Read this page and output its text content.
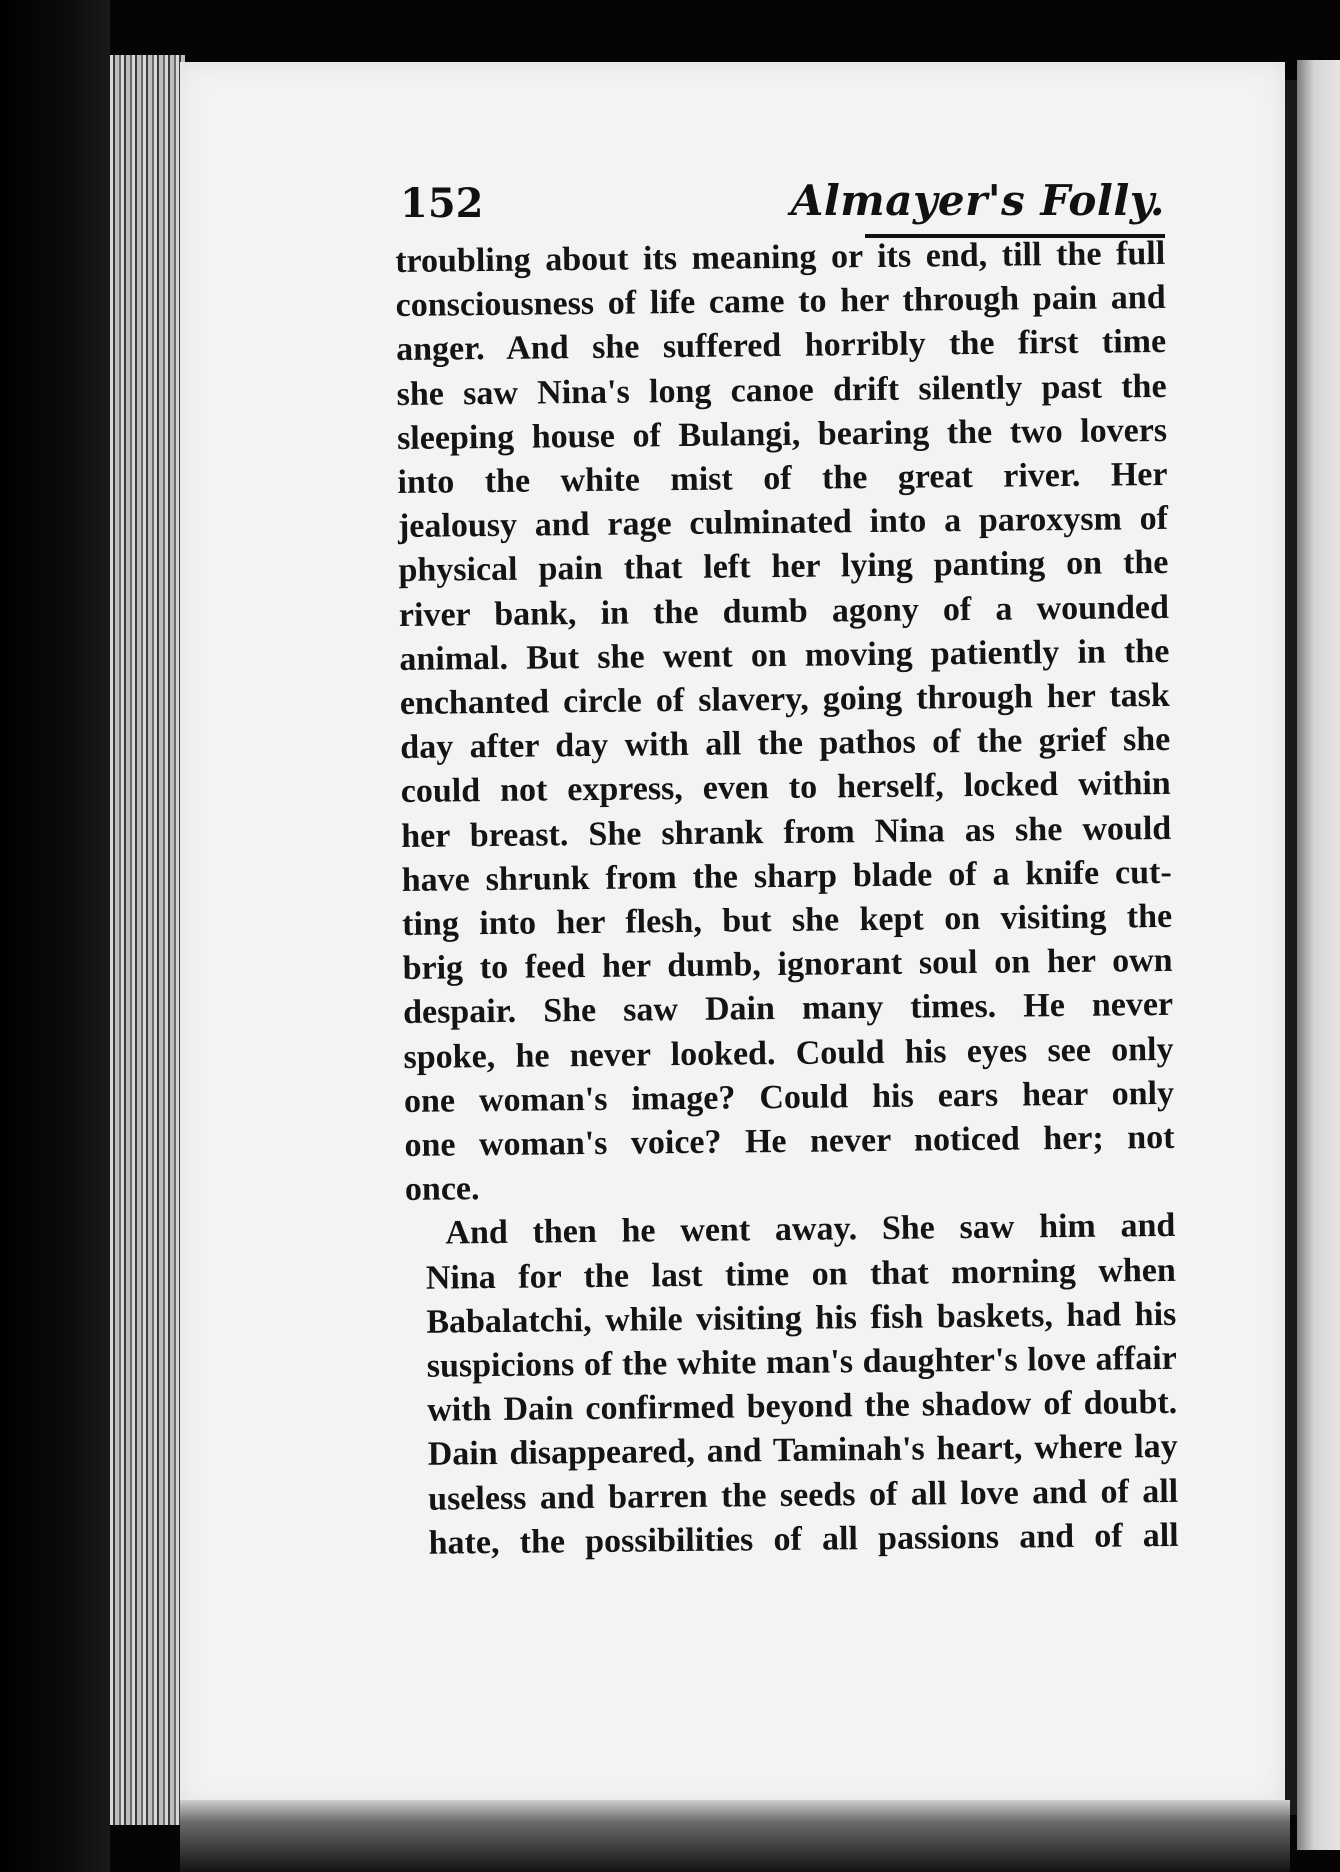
152	Almayer's Folly.
troubling about its meaning or its end, till the full
consciousness of life came to her through pain and
anger. And she suffered horribly the first time
she saw Nina's long canoe drift silently past the
sleeping house of Bulangi, bearing the two lovers
into the white mist of the great river. Her
jealousy and rage culminated into a paroxysm of
physical pain that left her lying panting on the
river bank, in the dumb agony of a wounded
animal. But she went on moving patiently in the
enchanted circle of slavery, going through her task
day after day with all the pathos of the grief she
could not express, even to herself, locked within
her breast. She shrank from Nina as she would
have shrunk from the sharp blade of a knife cut-
ting into her flesh, but she kept on visiting the
brig to feed her dumb, ignorant soul on her own
despair. She saw Dain many times. He never
spoke, he never looked. Could his eyes see only
one woman's image? Could his ears hear only
one woman's voice? He never noticed her; not
once.
And then he went away. She saw him and
Nina for the last time on that morning when
Babalatchi, while visiting his fish baskets, had his
suspicions of the white man's daughter's love affair
with Dain confirmed beyond the shadow of doubt.
Dain disappeared, and Taminah's heart, where lay
useless and barren the seeds of all love and of all
hate, the possibilities of all passions and of all
